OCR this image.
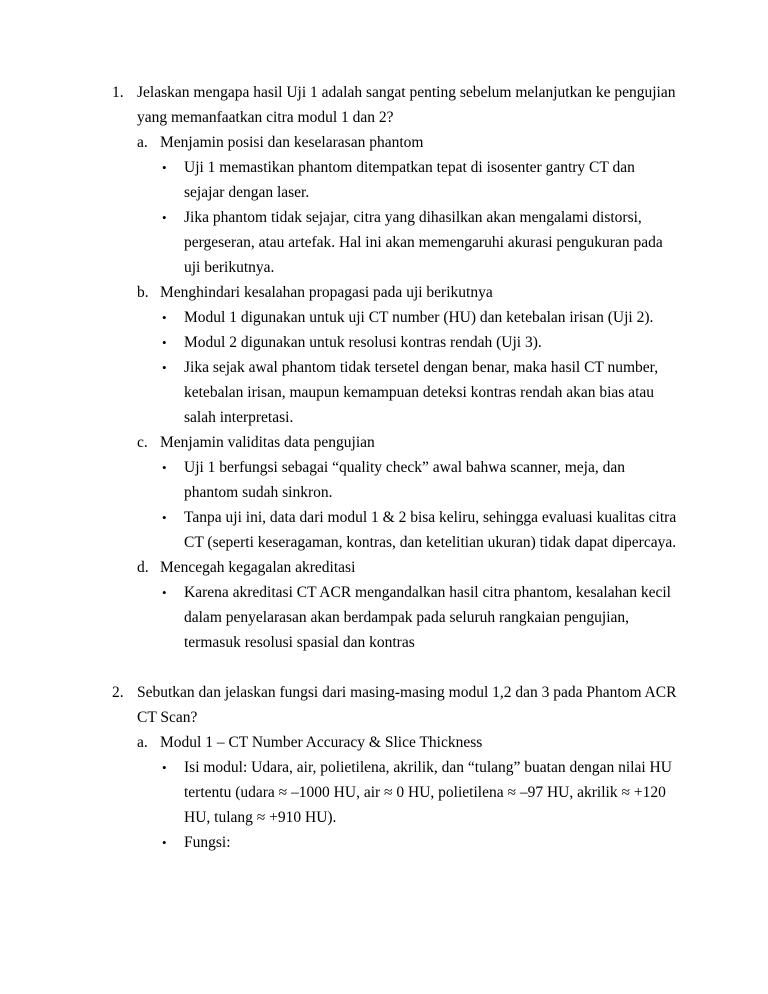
1. Jelaskan mengapa hasil Uji 1 adalah sangat penting sebelum melanjutkan ke pengujian yang memanfaatkan citra modul 1 dan 2?
a. Menjamin posisi dan keselarasan phantom
•	Uji 1 memastikan phantom ditempatkan tepat di isosenter gantry CT dan sejajar dengan laser.
•	Jika phantom tidak sejajar, citra yang dihasilkan akan mengalami distorsi, pergeseran, atau artefak. Hal ini akan memengaruhi akurasi pengukuran pada uji berikutnya.
b. Menghindari kesalahan propagasi pada uji berikutnya
•	Modul 1 digunakan untuk uji CT number (HU) dan ketebalan irisan (Uji 2).
•	Modul 2 digunakan untuk resolusi kontras rendah (Uji 3).
•	Jika sejak awal phantom tidak tersetel dengan benar, maka hasil CT number, ketebalan irisan, maupun kemampuan deteksi kontras rendah akan bias atau salah interpretasi.
c. Menjamin validitas data pengujian
•	Uji 1 berfungsi sebagai “quality check” awal bahwa scanner, meja, dan phantom sudah sinkron.
•	Tanpa uji ini, data dari modul 1 & 2 bisa keliru, sehingga evaluasi kualitas citra CT (seperti keseragaman, kontras, dan ketelitian ukuran) tidak dapat dipercaya.
d. Mencegah kegagalan akreditasi
•	Karena akreditasi CT ACR mengandalkan hasil citra phantom, kesalahan kecil dalam penyelarasan akan berdampak pada seluruh rangkaian pengujian, termasuk resolusi spasial dan kontras
2. Sebutkan dan jelaskan fungsi dari masing-masing modul 1,2 dan 3 pada Phantom ACR CT Scan?
a. Modul 1 – CT Number Accuracy & Slice Thickness
•	Isi modul: Udara, air, polietilena, akrilik, dan “tulang” buatan dengan nilai HU tertentu (udara ≈ –1000 HU, air ≈ 0 HU, polietilena ≈ –97 HU, akrilik ≈ +120 HU, tulang ≈ +910 HU).
•	Fungsi:
